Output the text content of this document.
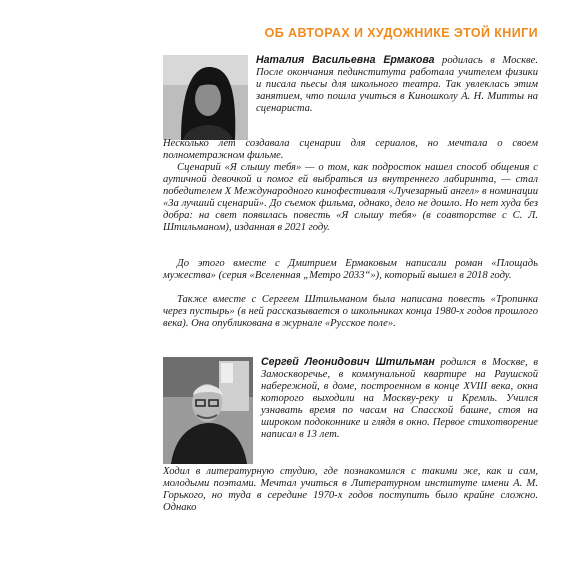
ОБ АВТОРАХ И ХУДОЖНИКЕ ЭТОЙ КНИГИ
Наталия Васильевна Ермакова родилась в Москве. После окончания пединститута работала учителем физики и писала пьесы для школьного театра. Так увлеклась этим занятием, что пошла учиться в Киношколу А. Н. Митты на сценариста.
Несколько лет создавала сценарии для сериалов, но мечтала о своем полнометражном фильме.
Сценарий «Я слышу тебя» — о том, как подросток нашел способ общения с аутичной девочкой и помог ей выбраться из внутреннего лабиринта, — стал победителем X Международного кинофестиваля «Лучезарный ангел» в номинации «За лучший сценарий». До съемок фильма, однако, дело не дошло. Но нет худа без добра: на свет появилась повесть «Я слышу тебя» (в соавторстве с С. Л. Штильманом), изданная в 2021 году.
До этого вместе с Дмитрием Ермаковым написали роман «Площадь мужества» (серия «Вселенная „Метро 2033“»), который вышел в 2018 году.
Также вместе с Сергеем Штильманом была написана повесть «Тропинка через пустырь» (в ней рассказывается о школьниках конца 1980-х годов прошлого века). Она опубликована в журнале «Русское поле».
Сергей Леонидович Штильман родился в Москве, в Замоскворечье, в коммунальной квартире на Раушской набережной, в доме, построенном в конце XVIII века, окна которого выходили на Москву-реку и Кремль. Учился узнавать время по часам на Спасской башне, стоя на широком подоконнике и глядя в окно. Первое стихотворение написал в 13 лет.
Ходил в литературную студию, где познакомился с такими же, как и сам, молодыми поэтами. Мечтал учиться в Литературном институте имени А. М. Горького, но туда в середине 1970-х годов поступить было крайне сложно. Однако
